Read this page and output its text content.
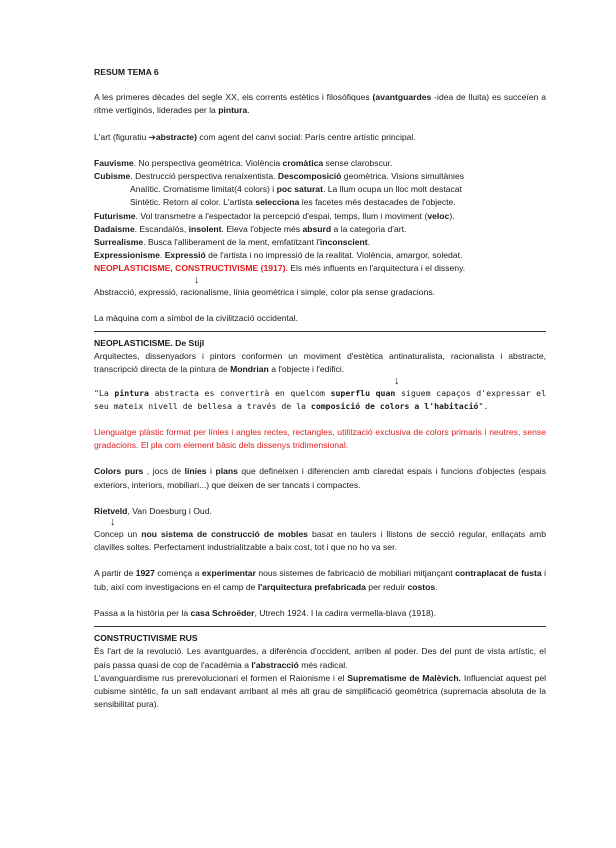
RESUM TEMA 6

A les primeres dècades del segle XX, els corrents estètics i filosòfiques (avantguardes -idea de lluita) es succeïen a ritme vertiginós, liderades per la pintura.

L'art (figuratiu ➔abstracte) com agent del canvi social: París centre artístic principal.

Fauvisme. No perspectiva geomètrica. Violència cromàtica sense clarobscur.

Cubisme. Destrucció perspectiva renaixentista. Descomposició geomètrica. Visions simultànies

Analític. Cromatisme limitat(4 colors) i poc saturat. La llum ocupa un lloc molt destacat

Sintètic. Retorn al color. L'artista selecciona les facetes més destacades de l'objecte.

Futurisme. Vol transmetre a l'espectador la percepció d'espai, temps, llum i moviment (veloc).

Dadaisme. Escandalós, insolent. Eleva l'objecte més absurd a la categoria d'art.

Surrealisme. Busca l'alliberament de la ment, emfatitzant l'inconscient.

Expressionisme. Expressió de l'artista i no impressió de la realitat. Violència, amargor, soledat.

NEOPLASTICISME, CONSTRUCTIVISME (1917). Els més influents en l'arquitectura i el disseny.

↓

Abstracció, expressió, racionalisme, línia geomètrica i simple, color pla sense gradacions.

La màquina com a símbol de la civilització occidental.

NEOPLASTICISME. De Stijl

Arquitectes, dissenyadors i pintors conformen un moviment d'estètica antinaturalista, racionalista i abstracte, transcripció directa de la pintura de Mondrian a l'objecte i l'edifici.

↓

"La pintura abstracta es convertirà en quelcom superflu quan siguem capaços d'expressar el seu mateix nivell de bellesa a través de la composició de colors a l'habitació".

Llenguatge plàstic format per línies i angles rectes, rectangles, utilització exclusiva de colors primaris i neutres, sense gradacions. El pla com element bàsic dels dissenys tridimensional.

Colors purs , jocs de línies i plans que defineixen i diferencien amb claredat espais i funcions d'objectes (espais exteriors, interiors, mobiliari...) que deixen de ser tancats i compactes.

Rietveld, Van Doesburg i Oud.

↓

Concep un nou sistema de construcció de mobles basat en taulers i llistons de secció regular, enllaçats amb clavilles soltes. Perfectament industrialitzable a baix cost, tot i que no ho va ser.

A partir de 1927 comença a experimentar nous sistemes de fabricació de mobiliari mitjançant contraplacat de fusta i tub, així com investigacions en el camp de l'arquitectura prefabricada per reduir costos.

Passa a la història per la casa Schroëder, Utrech 1924. I la cadira vermella-blava (1918).

CONSTRUCTIVISME RUS

És l'art de la revolució. Les avantguardes, a diferència d'occident, arriben al poder. Des del punt de vista artístic, el país passa quasi de cop de l'acadèmia a l'abstracció més radical.

L'avanguardisme rus prerevolucionari el formen el Raionisme i el Suprematisme de Malèvich. Influenciat aquest pel cubisme sintètic, fa un salt endavant arribant al més alt grau de simplificació geomètrica (supremacia absoluta de la sensibilitat pura).
